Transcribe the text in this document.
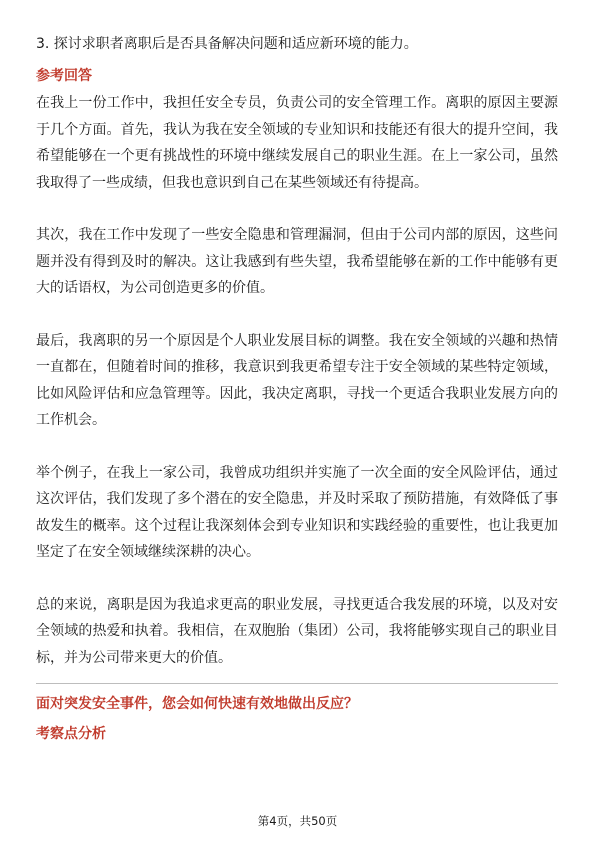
3. 探讨求职者离职后是否具备解决问题和适应新环境的能力。
参考回答

在我上一份工作中，我担任安全专员，负责公司的安全管理工作。离职的原因主要源于几个方面。首先，我认为我在安全领域的专业知识和技能还有很大的提升空间，我希望能够在一个更有挑战性的环境中继续发展自己的职业生涯。在上一家公司，虽然我取得了一些成绩，但我也意识到自己在某些领域还有待提高。

其次，我在工作中发现了一些安全隐患和管理漏洞，但由于公司内部的原因，这些问题并没有得到及时的解决。这让我感到有些失望，我希望能够在新的工作中能够有更大的话语权，为公司创造更多的价值。

最后，我离职的另一个原因是个人职业发展目标的调整。我在安全领域的兴趣和热情一直都在，但随着时间的推移，我意识到我更希望专注于安全领域的某些特定领域，比如风险评估和应急管理等。因此，我决定离职，寻找一个更适合我职业发展方向的工作机会。

举个例子，在我上一家公司，我曾成功组织并实施了一次全面的安全风险评估，通过这次评估，我们发现了多个潜在的安全隐患，并及时采取了预防措施，有效降低了事故发生的概率。这个过程让我深刻体会到专业知识和实践经验的重要性，也让我更加坚定了在安全领域继续深耕的决心。

总的来说，离职是因为我追求更高的职业发展，寻找更适合我发展的环境，以及对安全领域的热爱和执着。我相信，在双胞胎（集团）公司，我将能够实现自己的职业目标，并为公司带来更大的价值。

面对突发安全事件，您会如何快速有效地做出反应？
考察点分析
第4页，共50页
